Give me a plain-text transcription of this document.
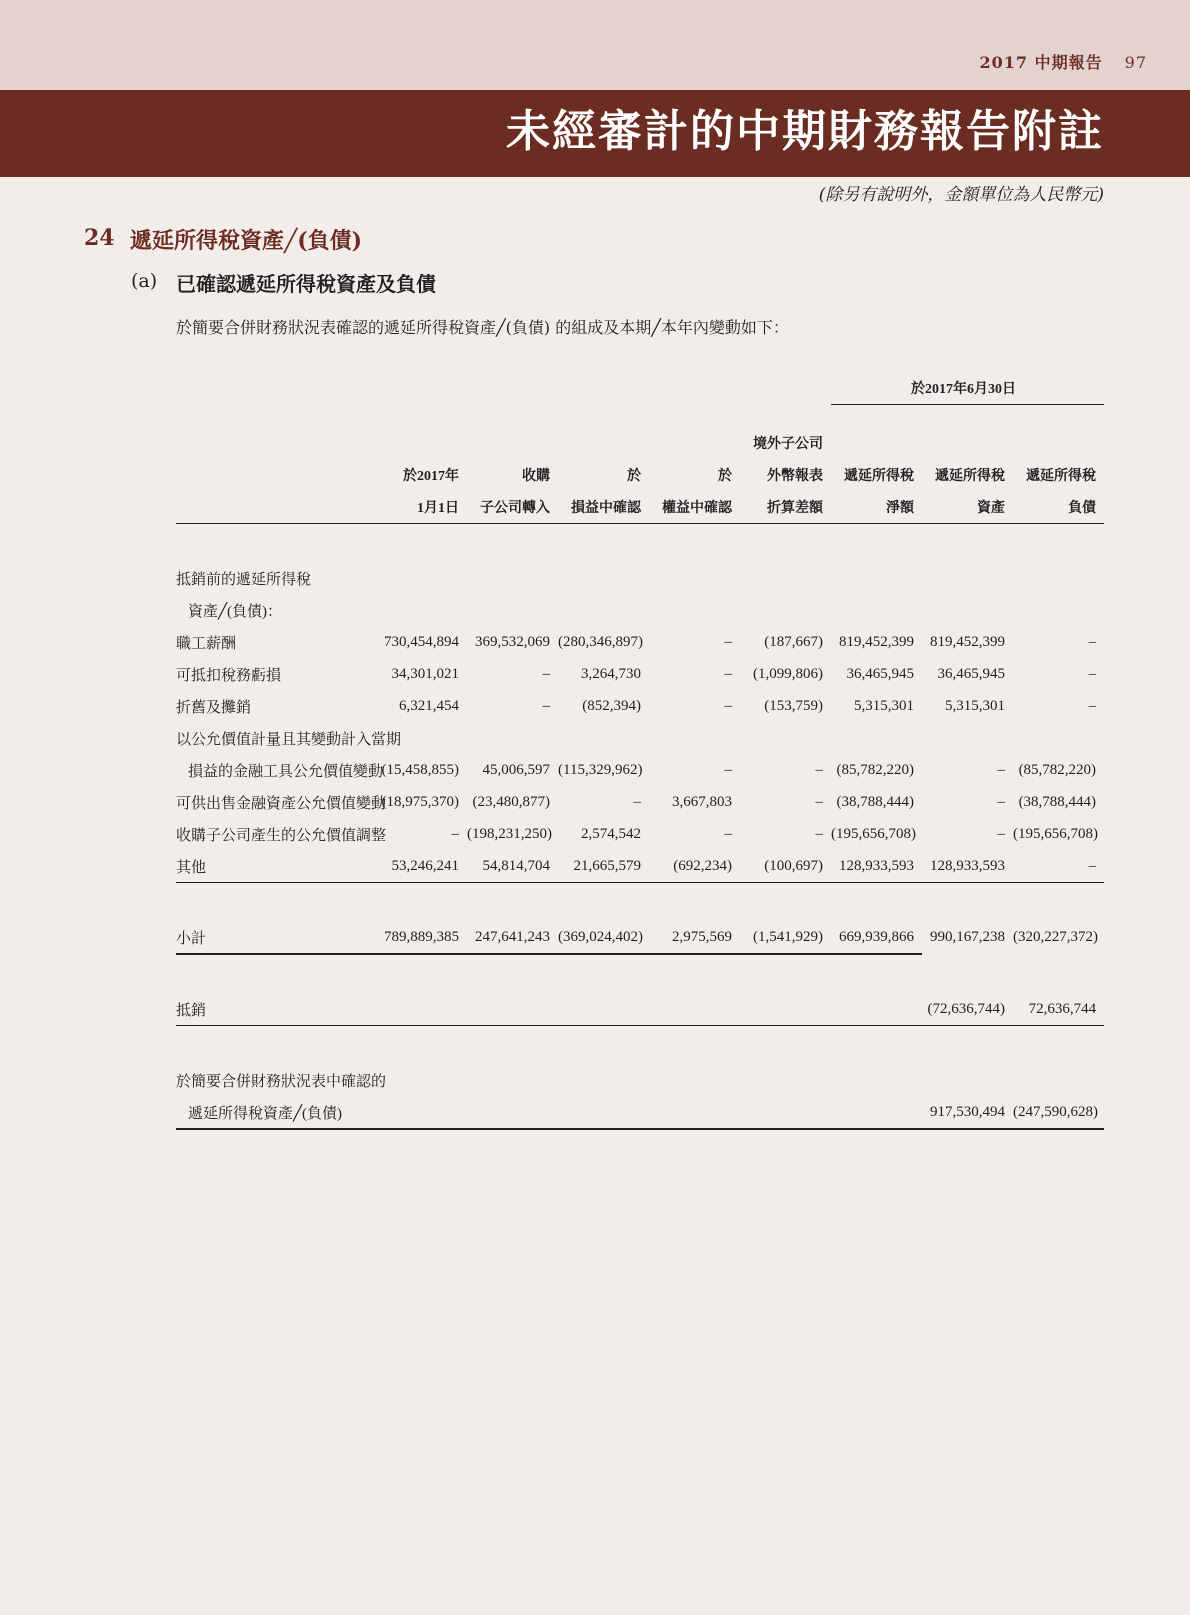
2017 中期報告 97
未經審計的中期財務報告附註
(除另有說明外，金額單位為人民幣元)
24 遞延所得稅資產╱(負債)
(a) 已確認遞延所得稅資產及負債
於簡要合併財務狀況表確認的遞延所得稅資產╱(負債) 的組成及本期╱本年內變動如下：
						於2017年6月30日		

					境外子公司			
	於2017年	收購	於	於	外幣報表	遞延所得稅	遞延所得稅	遞延所得稅
	1月1日	子公司轉入	損益中確認	權益中確認	折算差額	淨額	資產	負債

抵銷前的遞延所得稅								
資產╱(負債)：								
職工薪酬	730,454,894	369,532,069	(280,346,897)	–	(187,667)	819,452,399	819,452,399	–
可抵扣稅務虧損	34,301,021	–	3,264,730	–	(1,099,806)	36,465,945	36,465,945	–
折舊及攤銷	6,321,454	–	(852,394)	–	(153,759)	5,315,301	5,315,301	–
以公允價值計量且其變動計入當期								
損益的金融工具公允價值變動	(15,458,855)	45,006,597	(115,329,962)	–	–	(85,782,220)	–	(85,782,220)
可供出售金融資產公允價值變動	(18,975,370)	(23,480,877)	–	3,667,803	–	(38,788,444)	–	(38,788,444)
收購子公司產生的公允價值調整	–	(198,231,250)	2,574,542	–	–	(195,656,708)	–	(195,656,708)
其他	53,246,241	54,814,704	21,665,579	(692,234)	(100,697)	128,933,593	128,933,593	–

小計	789,889,385	247,641,243	(369,024,402)	2,975,569	(1,541,929)	669,939,866	990,167,238	(320,227,372)

抵銷							(72,636,744)	72,636,744

於簡要合併財務狀況表中確認的								
遞延所得稅資產╱(負債)							917,530,494	(247,590,628)
